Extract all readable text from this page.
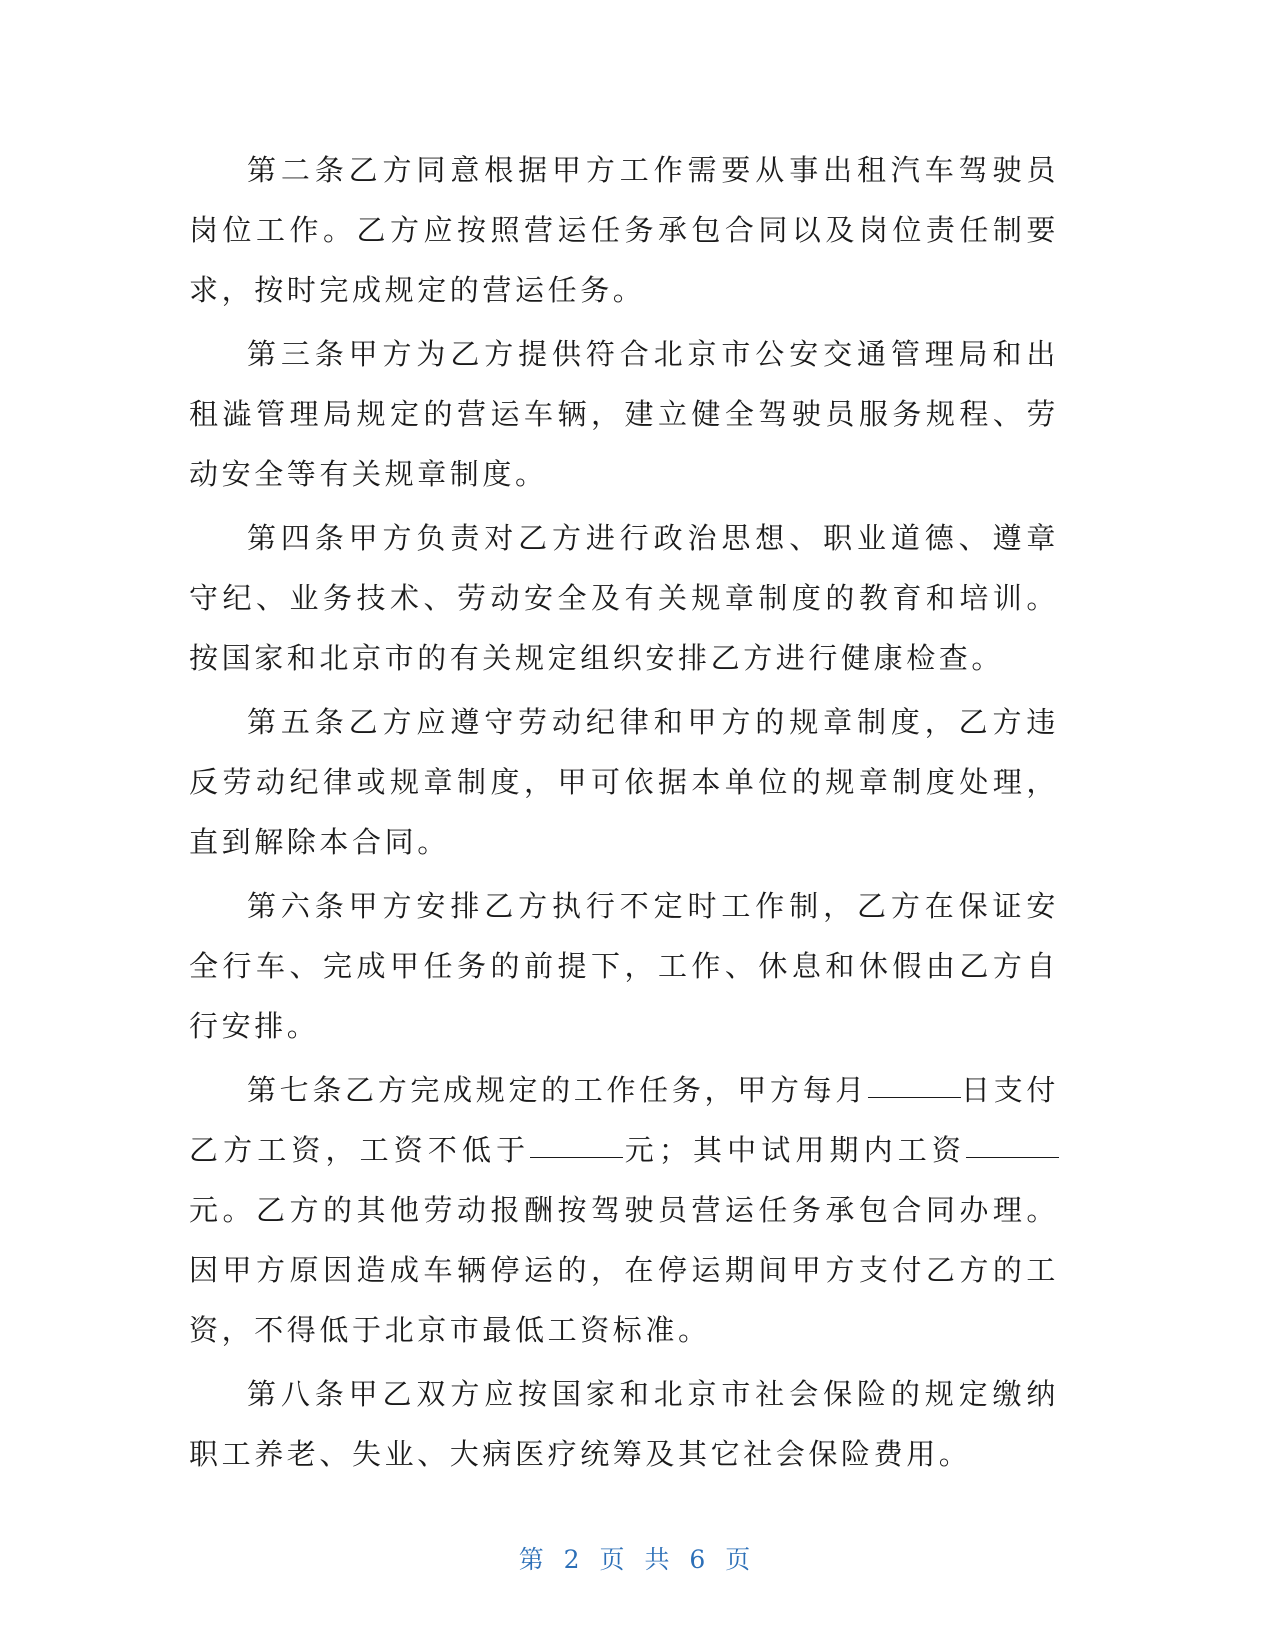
第二条乙方同意根据甲方工作需要从事出租汽车驾驶员岗位工作。乙方应按照营运任务承包合同以及岗位责任制要求，按时完成规定的营运任务。

第三条甲方为乙方提供符合北京市公安交通管理局和出租澁管理局规定的营运车辆，建立健全驾驶员服务规程、劳动安全等有关规章制度。

第四条甲方负责对乙方进行政治思想、职业道德、遵章守纪、业务技术、劳动安全及有关规章制度的教育和培训。按国家和北京市的有关规定组织安排乙方进行健康检查。

第五条乙方应遵守劳动纪律和甲方的规章制度，乙方违反劳动纪律或规章制度，甲可依据本单位的规章制度处理，直到解除本合同。

第六条甲方安排乙方执行不定时工作制，乙方在保证安全行车、完成甲任务的前提下，工作、休息和休假由乙方自行安排。

第七条乙方完成规定的工作任务，甲方每月	日支付乙方工资，工资不低于	元；其中试用期内工资元。乙方的其他劳动报酬按驾驶员营运任务承包合同办理。因甲方原因造成车辆停运的，在停运期间甲方支付乙方的工资，不得低于北京市最低工资标准。

第八条甲乙双方应按国家和北京市社会保险的规定缴纳职工养老、失业、大病医疗统筹及其它社会保险费用。

第 2 页 共 6 页
